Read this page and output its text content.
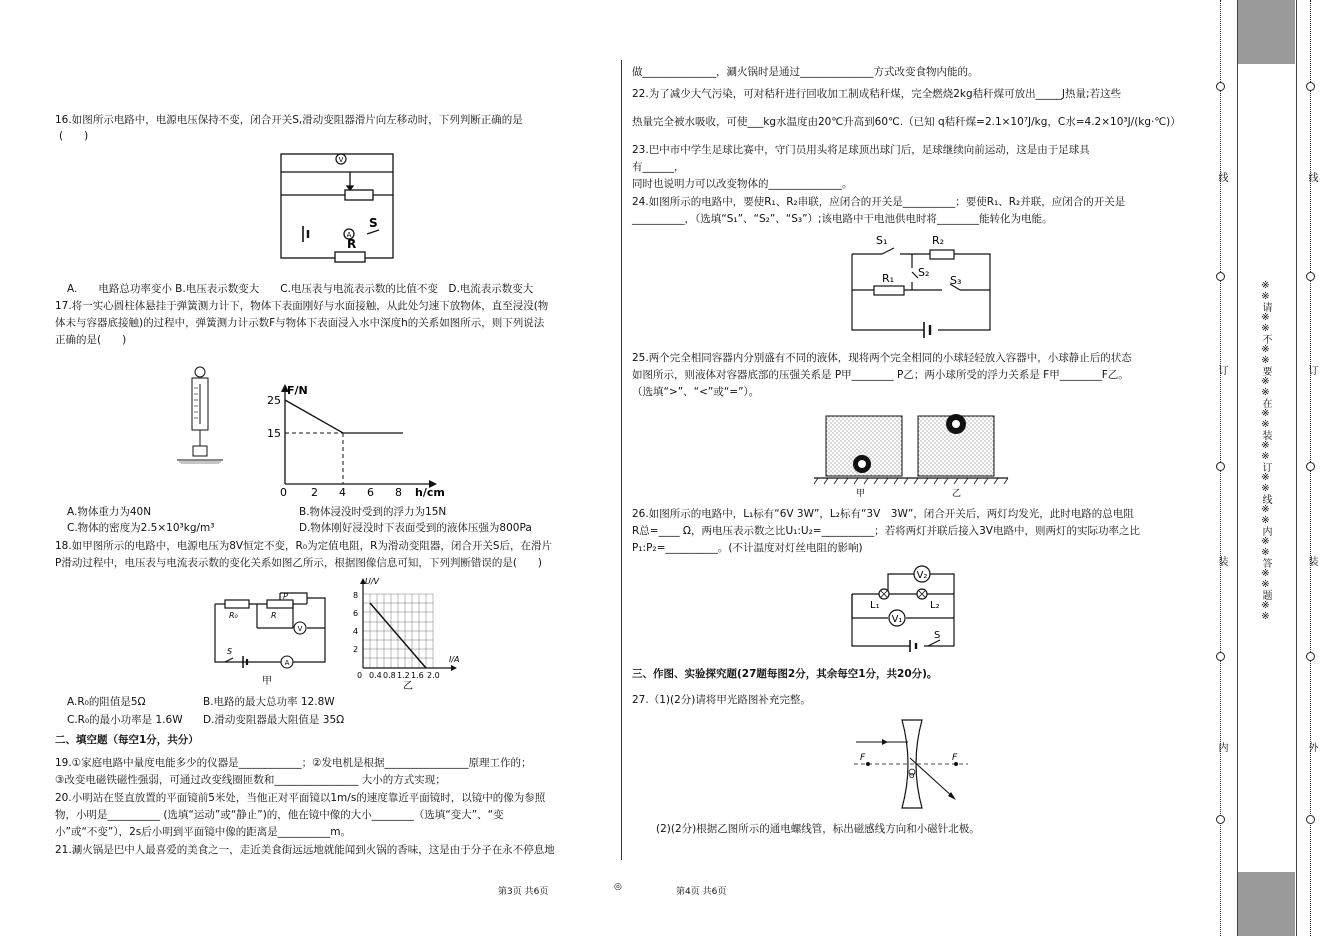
16.如图所示电路中，电源电压保持不变，闭合开关S,滑动变阻器滑片向左移动时，下列判断正确的是
(　　)
V
A
S
R
A.　　电路总功率变小 B.电压表示数变大　　C.电压表与电流表示数的比值不变　D.电流表示数变大
17.将一实心圆柱体悬挂于弹簧测力计下，物体下表面刚好与水面接触，从此处匀速下放物体，直至浸没(物
体未与容器底接触)的过程中，弹簧测力计示数F与物体下表面浸入水中深度h的关系如图所示，则下列说法
正确的是(　　)
F/N
25
15
0 2 4 6 8 h/cm
A.物体重力为40N	B.物体浸没时受到的浮力为15N
C.物体的密度为2.5×10³kg/m³	D.物体刚好浸没时下表面受到的液体压强为800Pa
18.如甲图所示的电路中，电源电压为8V恒定不变，R₀为定值电阻，R为滑动变阻器，闭合开关S后，在滑片
P滑动过程中，电压表与电流表示数的变化关系如图乙所示，根据图像信息可知，下列判断错误的是(　　)
R₀
P
R
V
S
A
甲
U/V
8
6
4
2
0 0.4 0.8 1.2 1.6 2.0
I/A
乙
A.R₀的阻值是5Ω	B.电路的最大总功率 12.8W
C.R₀的最小功率是 1.6W D.滑动变阻器最大阻值是 35Ω
二、填空题（每空1分，共分）
19.①家庭电路中量度电能多少的仪器是____________；②发电机是根据________________原理工作的；
③改变电磁铁磁性强弱，可通过改变线圈匝数和________________ 大小的方式实现；
20.小明站在竖直放置的平面镜前5米处，当他正对平面镜以1m/s的速度靠近平面镜时，以镜中的像为参照
物，小明是__________ (选填“运动”或“静止”)的，他在镜中像的大小________（选填“变大”、“变
小”或“不变”），2s后小明到平面镜中像的距离是__________m。
21.涮火锅是巴中人最喜爱的美食之一，走近美食街远远地就能闻到火锅的香味，这是由于分子在永不停息地
做______________，涮火锅时是通过______________方式改变食物内能的。
22.为了减少大气污染，可对秸秆进行回收加工制成秸秆煤，完全燃烧2kg秸秆煤可放出_____J热量;若这些
热量完全被水吸收，可使___kg水温度由20℃升高到60℃.（已知 q秸秆煤=2.1×10⁷J/kg，C水=4.2×10³J/(kg·℃)）
23.巴中市中学生足球比赛中，守门员用头将足球顶出球门后，足球继续向前运动，这是由于足球具
有______，
同时也说明力可以改变物体的______________。
24.如图所示的电路中，要使R₁、R₂串联，应闭合的开关是__________；要使R₁、R₂并联，应闭合的开关是
__________，（选填“S₁”、“S₂”、“S₃”）;该电路中干电池供电时将________能转化为电能。
S₁	R₂
R₁ S₂
S₃
25.两个完全相同容器内分别盛有不同的液体，现将两个完全相同的小球轻轻放入容器中，小球静止后的状态
如图所示，则液体对容器底部的压强关系是 P甲________ P乙；两小球所受的浮力关系是 F甲________F乙。
（选填“>”、“<”或“=”）。
甲	乙
26.如图所示的电路中，L₁标有“6V 3W”，L₂标有“3V　3W”，闭合开关后，两灯均发光，此时电路的总电阻
R总=____ Ω，两电压表示数之比U₁:U₂=__________；若将两灯并联后接入3V电路中，则两灯的实际功率之比
P₁:P₂=__________。(不计温度对灯丝电阻的影响)
V₂
L₁	L₂
V₁
S
三、作图、实验探究题(27题每图2分，其余每空1分，共20分)。
27.（1)(2分)请将甲光路图补充完整。
F	F
O
(2)(2分)根据乙图所示的通电螺线管，标出磁感线方向和小磁针北极。
第3页 共6页	◎	第4页 共6页
线
订
装
内
※※请※※不※※要※※在※※装※※订※※线※※内※※答※※题※※
线
订
装
外
